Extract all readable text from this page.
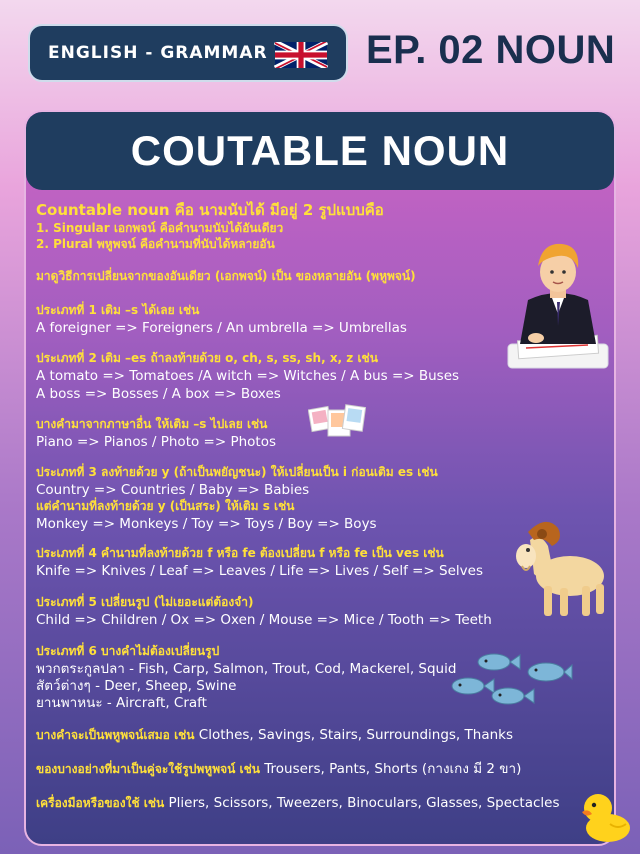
ENGLISH - GRAMMAR EP. 02 NOUN
COUTABLE NOUN
Countable noun คือ นามนับได้ มีอยู่ 2 รูปแบบคือ
1. Singular เอกพจน์ คือคำนามนับได้อันเดียว
2. Plural พหูพจน์ คือคำนามที่นับได้หลายอัน
มาดูวิธีการเปลี่ยนจากของอันเดียว (เอกพจน์) เป็น ของหลายอัน (พหูพจน์)
ประเภทที่ 1 เติม –s ได้เลย เช่น
A foreigner => Foreigners / An umbrella => Umbrellas
ประเภทที่ 2 เติม –es ถ้าลงท้ายด้วย o, ch, s, ss, sh, x, z เช่น
A tomato => Tomatoes /A witch => Witches / A bus => Buses
A boss => Bosses / A box => Boxes
บางคำมาจากภาษาอื่น ให้เติม –s ไปเลย เช่น
Piano => Pianos / Photo => Photos
ประเภทที่ 3 ลงท้ายด้วย y (ถ้าเป็นพยัญชนะ) ให้เปลี่ยนเป็น i ก่อนเติม es เช่น
Country => Countries / Baby => Babies
แต่คำนามที่ลงท้ายด้วย y (เป็นสระ) ให้เติม s เช่น
Monkey => Monkeys / Toy => Toys / Boy => Boys
ประเภทที่ 4 คำนามที่ลงท้ายด้วย f หรือ fe ต้องเปลี่ยน f หรือ fe เป็น ves เช่น
Knife => Knives / Leaf => Leaves / Life => Lives / Self => Selves
ประเภทที่ 5 เปลี่ยนรูป (ไม่เยอะแต่ต้องจำ)
Child => Children / Ox => Oxen / Mouse => Mice / Tooth => Teeth
ประเภทที่ 6 บางคำไม่ต้องเปลี่ยนรูป
พวกตระกูลปลา - Fish, Carp, Salmon, Trout, Cod, Mackerel, Squid
สัตว์ต่างๆ - Deer, Sheep, Swine
ยานพาหนะ - Aircraft, Craft
บางคำจะเป็นพหูพจน์เสมอ เช่น Clothes, Savings, Stairs, Surroundings, Thanks
ของบางอย่างที่มาเป็นคู่จะใช้รูปพหูพจน์ เช่น Trousers, Pants, Shorts (กางเกง มี 2 ขา)
เครื่องมือหรือของใช้ เช่น Pliers, Scissors, Tweezers, Binoculars, Glasses, Spectacles
